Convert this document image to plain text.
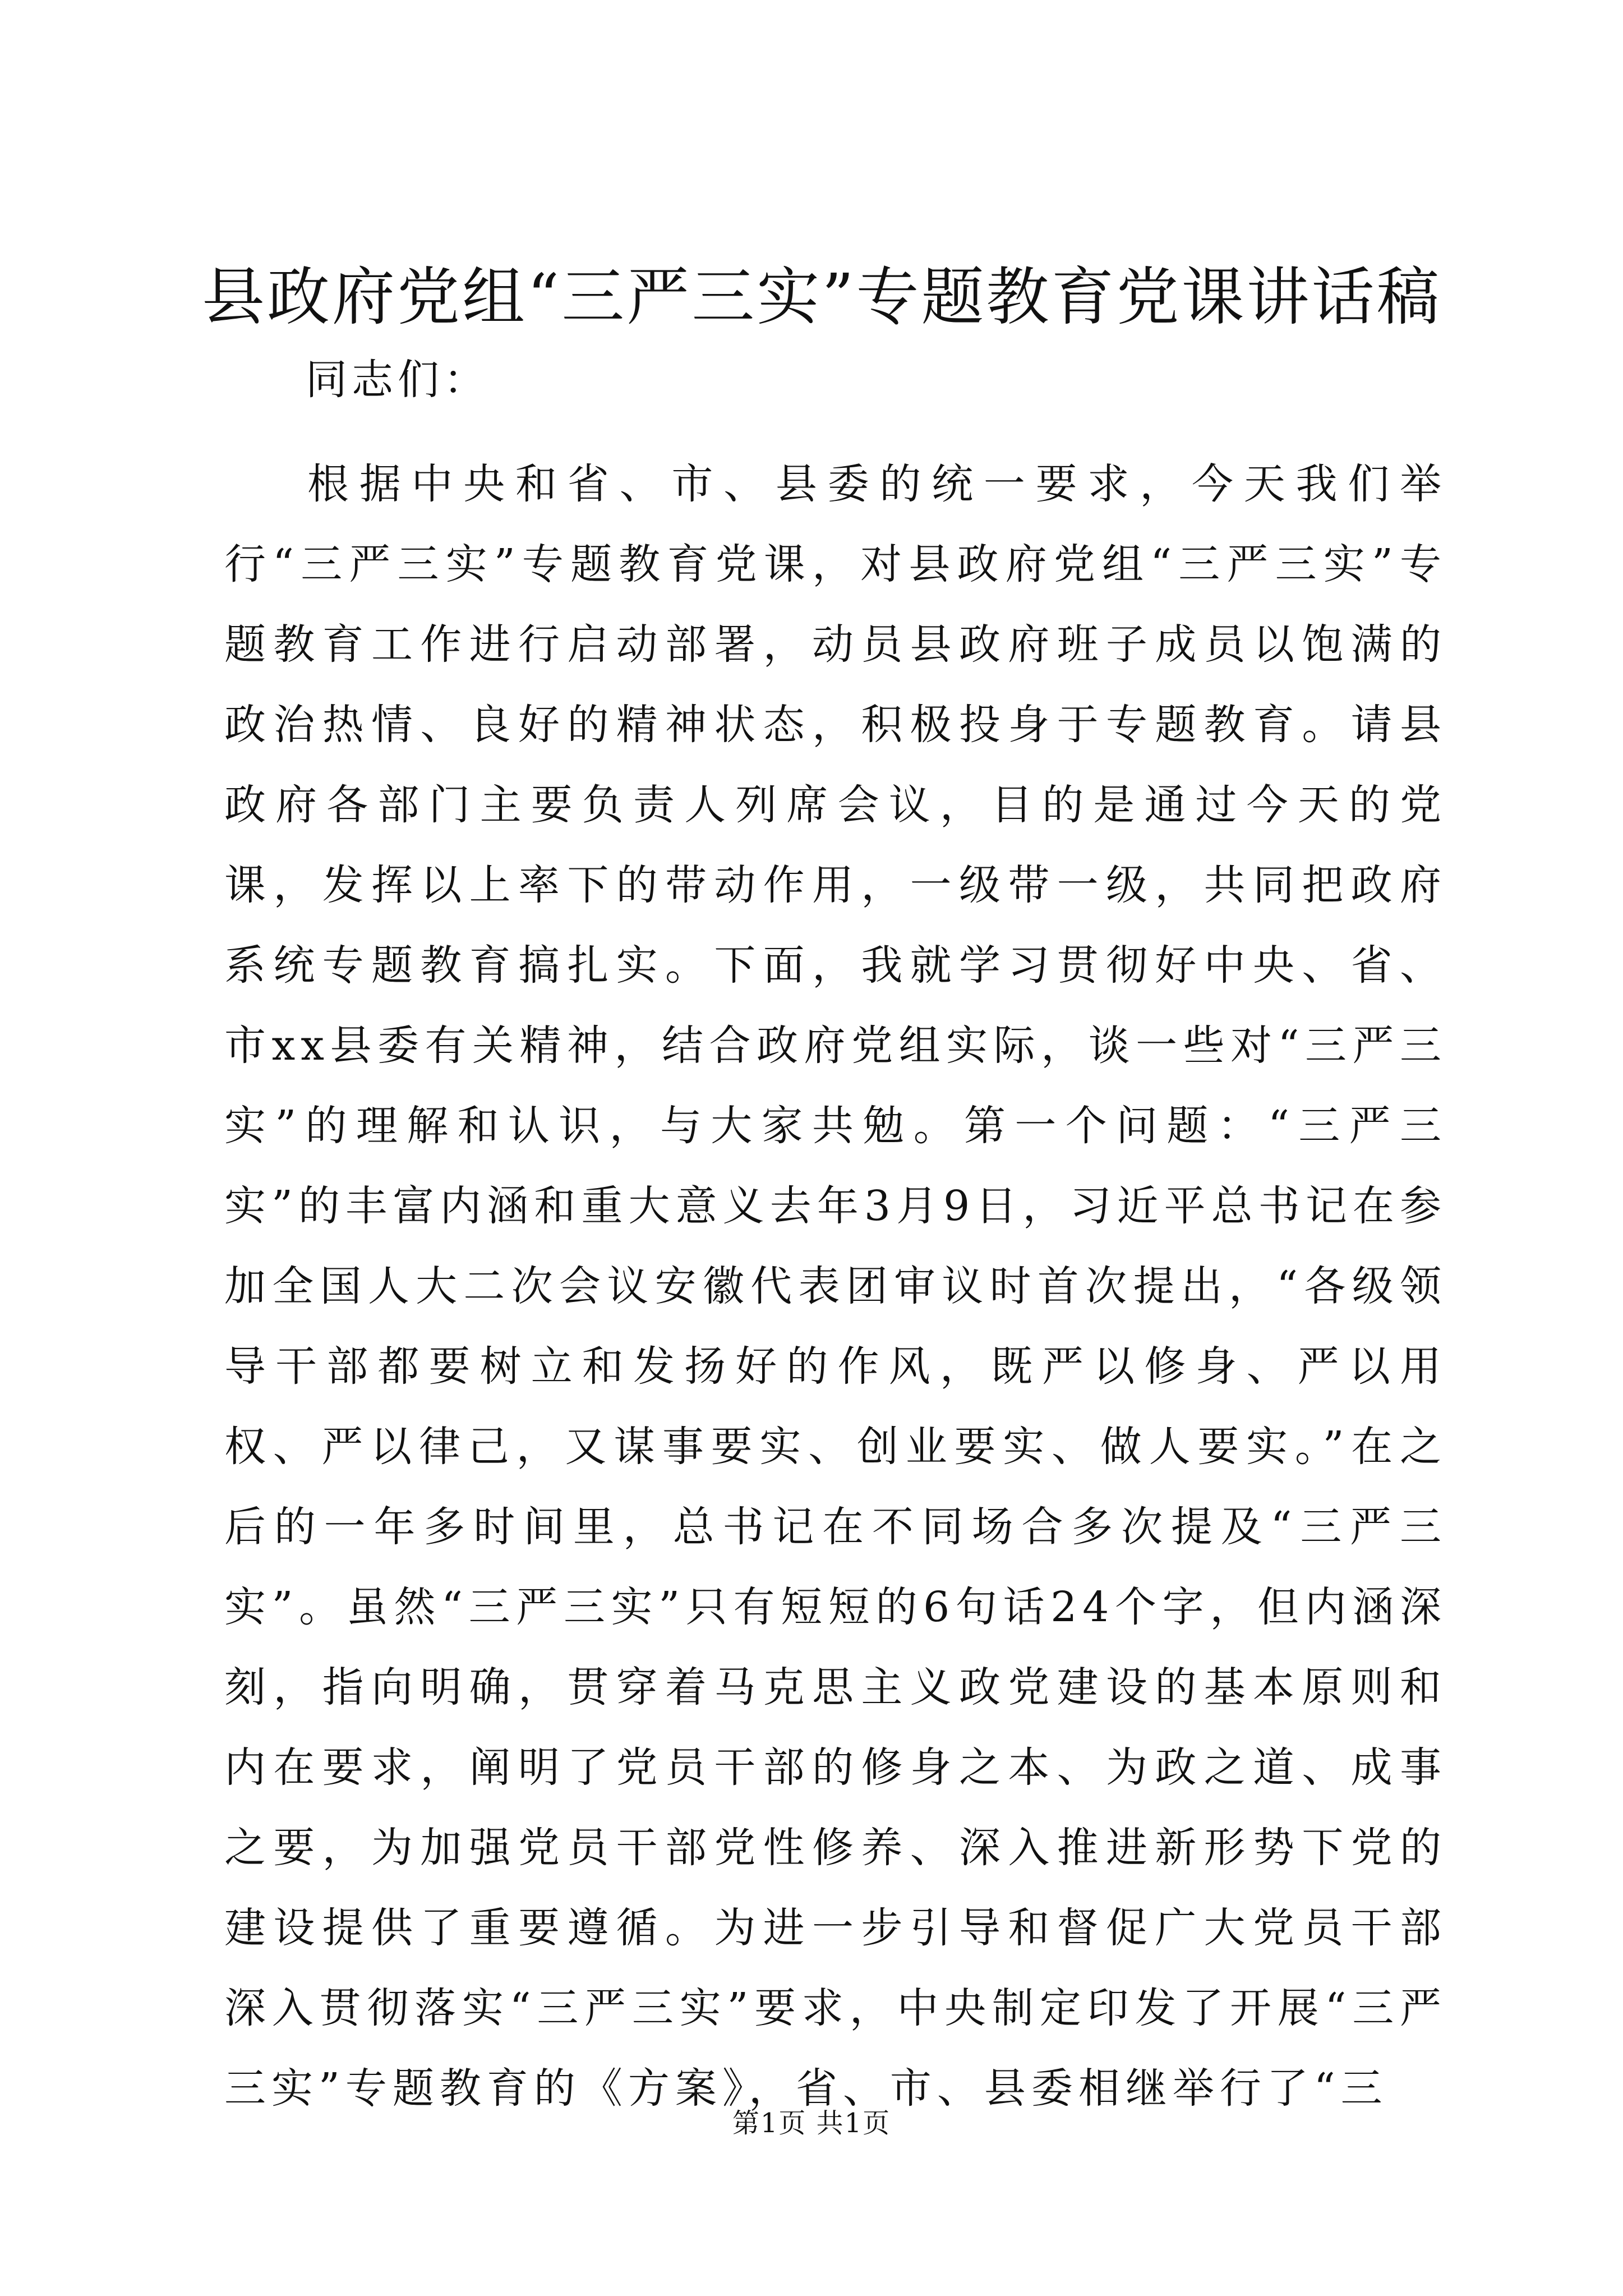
县政府党组“三严三实”专题教育党课讲话稿

同志们：

根据中央和省、市、县委的统一要求，今天我们举行“三严三实”专题教育党课，对县政府党组“三严三实”专题教育工作进行启动部署，动员县政府班子成员以饱满的政治热情、良好的精神状态，积极投身于专题教育。请县政府各部门主要负责人列席会议，目的是通过今天的党课，发挥以上率下的带动作用，一级带一级，共同把政府系统专题教育搞扎实。下面，我就学习贯彻好中央、省、市xx县委有关精神，结合政府党组实际，谈一些对“三严三实”的理解和认识，与大家共勉。第一个问题：“三严三实”的丰富内涵和重大意义去年3月9日，习近平总书记在参加全国人大二次会议安徽代表团审议时首次提出，“各级领导干部都要树立和发扬好的作风，既严以修身、严以用权、严以律己，又谋事要实、创业要实、做人要实。”在之后的一年多时间里，总书记在不同场合多次提及“三严三实”。虽然“三严三实”只有短短的6句话24个字，但内涵深刻，指向明确，贯穿着马克思主义政党建设的基本原则和内在要求，阐明了党员干部的修身之本、为政之道、成事之要，为加强党员干部党性修养、深入推进新形势下党的建设提供了重要遵循。为进一步引导和督促广大党员干部深入贯彻落实“三严三实”要求，中央制定印发了开展“三严三实”专题教育的《方案》，省、市、县委相继举行了“三

第1页 共1页
